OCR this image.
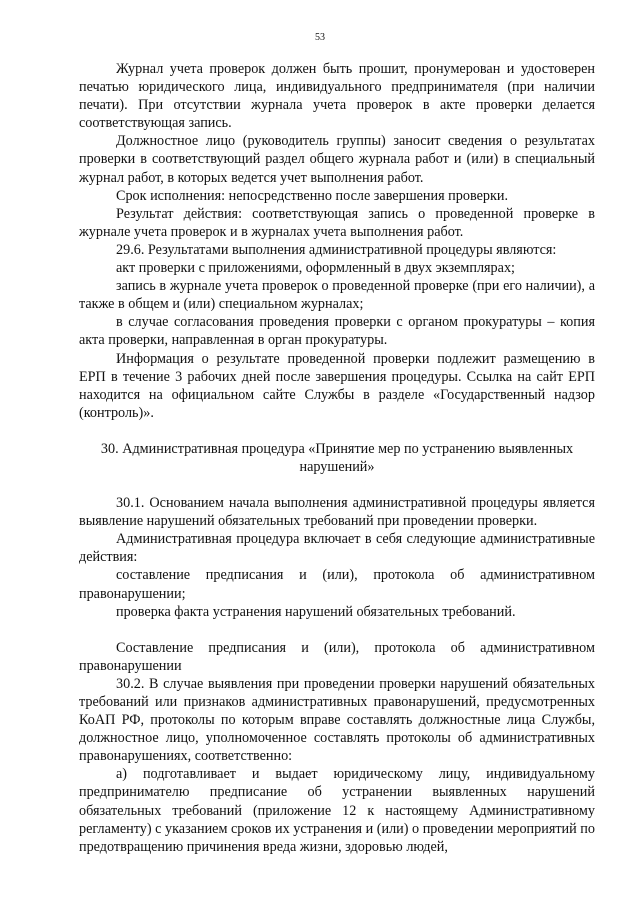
53

Журнал учета проверок должен быть прошит, пронумерован и удостоверен печатью юридического лица, индивидуального предпринимателя (при наличии печати). При отсутствии журнала учета проверок в акте проверки делается соответствующая запись.

Должностное лицо (руководитель группы) заносит сведения о результатах проверки в соответствующий раздел общего журнала работ и (или) в специальный журнал работ, в которых ведется учет выполнения работ.

Срок исполнения: непосредственно после завершения проверки.

Результат действия: соответствующая запись о проведенной проверке в журнале учета проверок и в журналах учета выполнения работ.

29.6. Результатами выполнения административной процедуры являются:

акт проверки с приложениями, оформленный в двух экземплярах;

запись в журнале учета проверок о проведенной проверке (при его наличии), а также в общем и (или) специальном журналах;

в случае согласования проведения проверки с органом прокуратуры – копия акта проверки, направленная в орган прокуратуры.

Информация о результате проведенной проверки подлежит размещению в ЕРП в течение 3 рабочих дней после завершения процедуры. Ссылка на сайт ЕРП находится на официальном сайте Службы в разделе «Государственный надзор (контроль)».

30. Административная процедура «Принятие мер по устранению выявленных нарушений»

30.1. Основанием начала выполнения административной процедуры является выявление нарушений обязательных требований при проведении проверки.

Административная процедура включает в себя следующие административные действия:

составление предписания и (или), протокола об административном правонарушении;

проверка факта устранения нарушений обязательных требований.

Составление предписания и (или), протокола об административном правонарушении

30.2. В случае выявления при проведении проверки нарушений обязательных требований или признаков административных правонарушений, предусмотренных КоАП РФ, протоколы по которым вправе составлять должностные лица Службы, должностное лицо, уполномоченное составлять протоколы об административных правонарушениях, соответственно:

а) подготавливает и выдает юридическому лицу, индивидуальному предпринимателю предписание об устранении выявленных нарушений обязательных требований (приложение 12 к настоящему Административному регламенту) с указанием сроков их устранения и (или) о проведении мероприятий по предотвращению причинения вреда жизни, здоровью людей,
